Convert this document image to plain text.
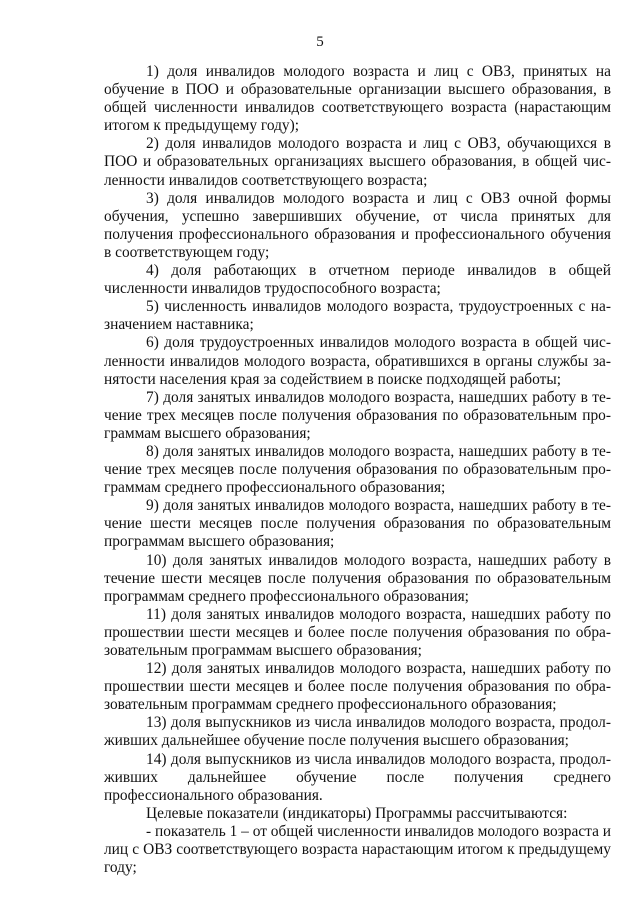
5

1) доля инвалидов молодого возраста и лиц с ОВЗ, принятых на обучение в ПОО и образовательные организации высшего образования, в общей численности инвалидов соответствующего возраста (нарастающим итогом к предыдущему году);

2) доля инвалидов молодого возраста и лиц с ОВЗ, обучающихся в ПОО и образовательных организациях высшего образования, в общей численности инвалидов соответствующего возраста;

3) доля инвалидов молодого возраста и лиц с ОВЗ очной формы обучения, успешно завершивших обучение, от числа принятых для получения профессионального образования и профессионального обучения в соответствующем году;

4) доля работающих в отчетном периоде инвалидов в общей численности инвалидов трудоспособного возраста;

5) численность инвалидов молодого возраста, трудоустроенных с назначением наставника;

6) доля трудоустроенных инвалидов молодого возраста в общей численности инвалидов молодого возраста, обратившихся в органы службы занятости населения края за содействием в поиске подходящей работы;

7) доля занятых инвалидов молодого возраста, нашедших работу в течение трех месяцев после получения образования по образовательным программам высшего образования;

8) доля занятых инвалидов молодого возраста, нашедших работу в течение трех месяцев после получения образования по образовательным программам среднего профессионального образования;

9) доля занятых инвалидов молодого возраста, нашедших работу в течение шести месяцев после получения образования по образовательным программам высшего образования;

10) доля занятых инвалидов молодого возраста, нашедших работу в течение шести месяцев после получения образования по образовательным программам среднего профессионального образования;

11) доля занятых инвалидов молодого возраста, нашедших работу по прошествии шести месяцев и более после получения образования по образовательным программам высшего образования;

12) доля занятых инвалидов молодого возраста, нашедших работу по прошествии шести месяцев и более после получения образования по образовательным программам среднего профессионального образования;

13) доля выпускников из числа инвалидов молодого возраста, продолживших дальнейшее обучение после получения высшего образования;

14) доля выпускников из числа инвалидов молодого возраста, продолживших дальнейшее обучение после получения среднего профессионального образования.

Целевые показатели (индикаторы) Программы рассчитываются:

- показатель 1 – от общей численности инвалидов молодого возраста и лиц с ОВЗ соответствующего возраста нарастающим итогом к предыдущему году;
